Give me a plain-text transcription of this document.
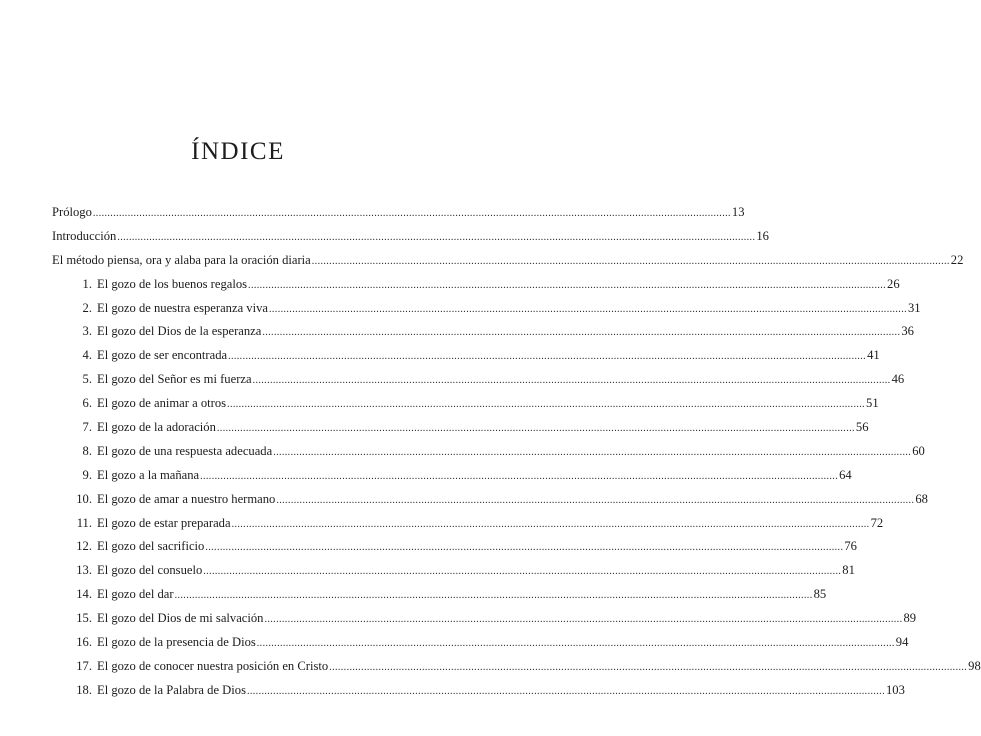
ÍNDICE
Prólogo ............................................................................................................................................................................................................................ 13
Introducción ............................................................................................................................................................................................................................ 16
El método piensa, ora y alaba para la oración diaria ............................................................................................................................................................................................................................ 22
1. El gozo de los buenos regalos ............................................................................................................................................................................................................................ 26
2. El gozo de nuestra esperanza viva ............................................................................................................................................................................................................................ 31
3. El gozo del Dios de la esperanza ............................................................................................................................................................................................................................ 36
4. El gozo de ser encontrada ............................................................................................................................................................................................................................ 41
5. El gozo del Señor es mi fuerza ............................................................................................................................................................................................................................ 46
6. El gozo de animar a otros ............................................................................................................................................................................................................................ 51
7. El gozo de la adoración ............................................................................................................................................................................................................................ 56
8. El gozo de una respuesta adecuada ............................................................................................................................................................................................................................ 60
9. El gozo a la mañana ............................................................................................................................................................................................................................ 64
10. El gozo de amar a nuestro hermano ............................................................................................................................................................................................................................ 68
11. El gozo de estar preparada ............................................................................................................................................................................................................................ 72
12. El gozo del sacrificio ............................................................................................................................................................................................................................ 76
13. El gozo del consuelo ............................................................................................................................................................................................................................ 81
14. El gozo del dar ............................................................................................................................................................................................................................ 85
15. El gozo del Dios de mi salvación ............................................................................................................................................................................................................................ 89
16. El gozo de la presencia de Dios ............................................................................................................................................................................................................................ 94
17. El gozo de conocer nuestra posición en Cristo ............................................................................................................................................................................................................................ 98
18. El gozo de la Palabra de Dios ............................................................................................................................................................................................................................ 103
